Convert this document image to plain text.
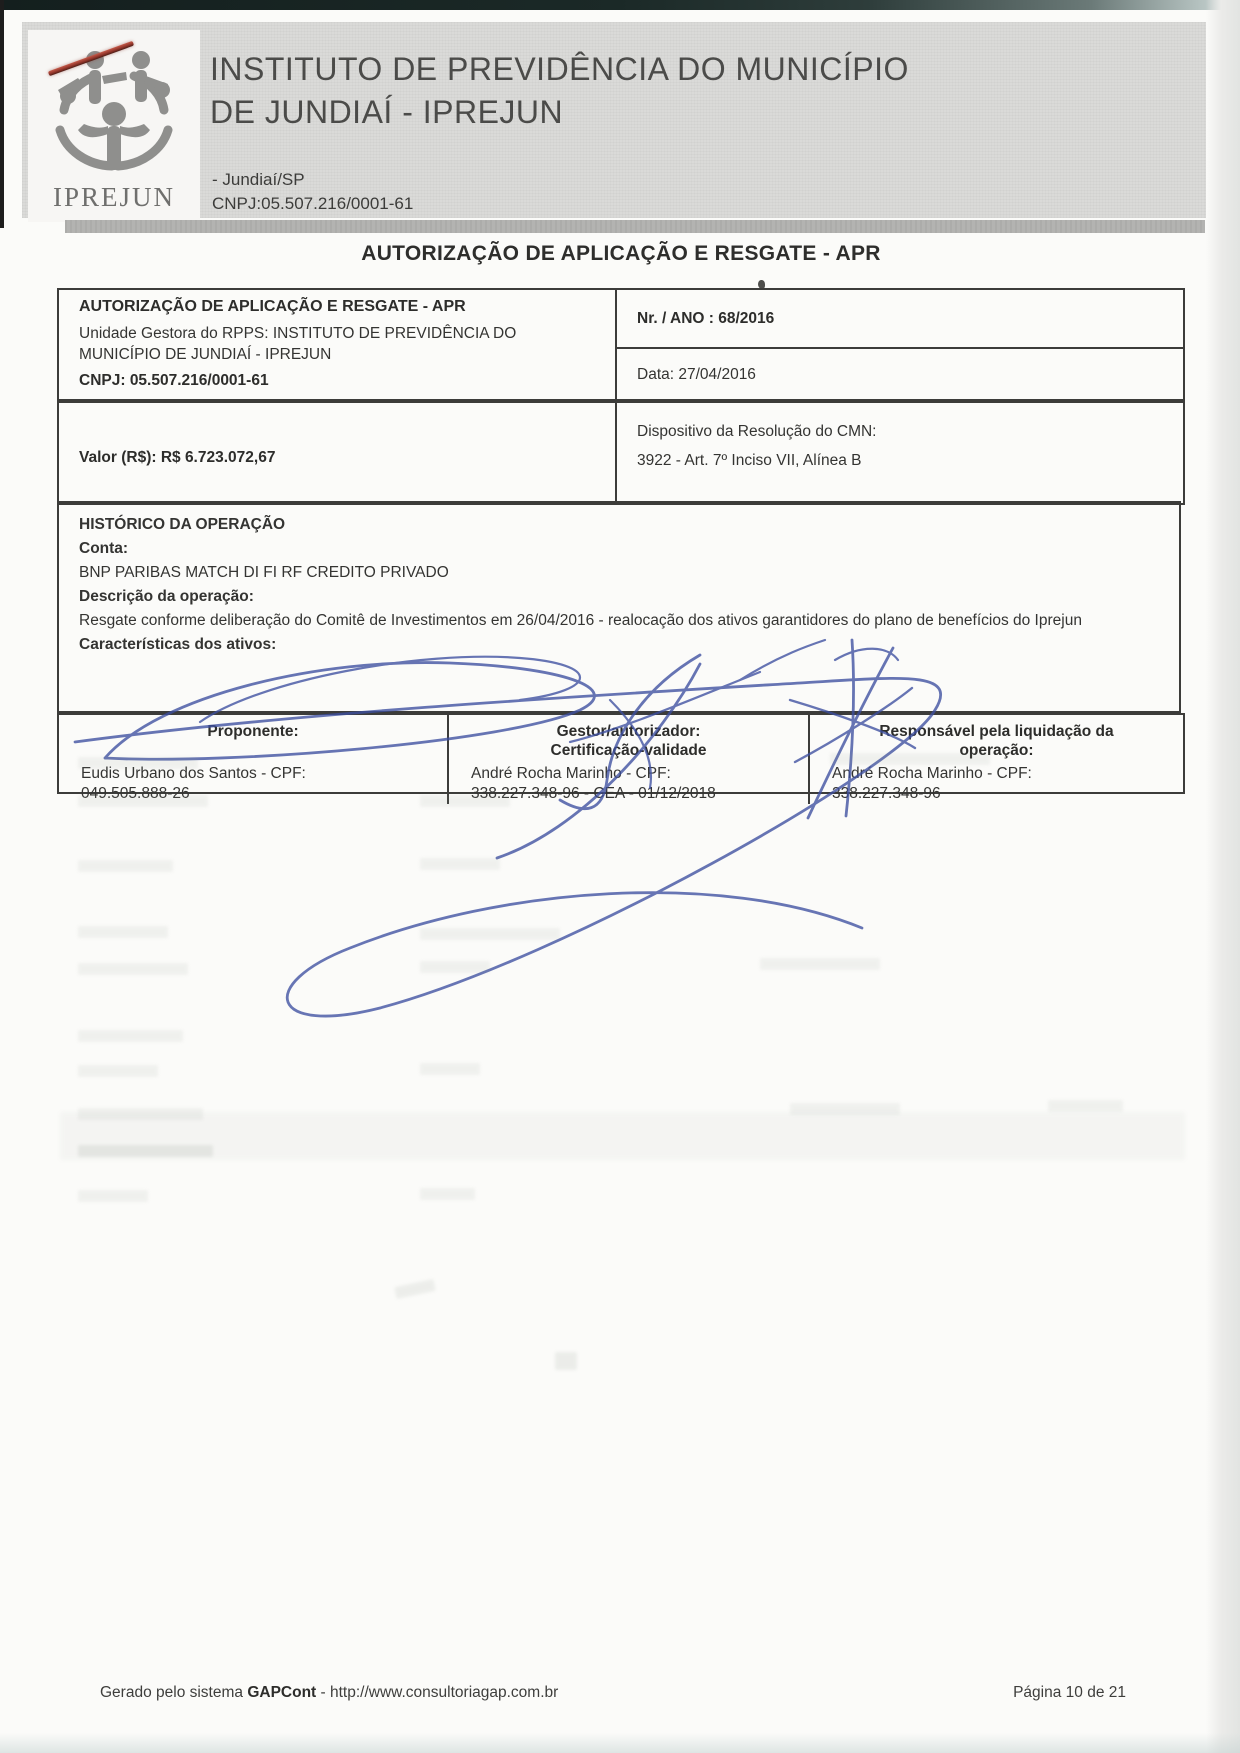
IPREJUN
INSTITUTO DE PREVIDÊNCIA DO MUNICÍPIO
DE JUNDIAÍ - IPREJUN
- Jundiaí/SP
CNPJ:05.507.216/0001-61
AUTORIZAÇÃO DE APLICAÇÃO E RESGATE - APR
AUTORIZAÇÃO DE APLICAÇÃO E RESGATE - APR
Unidade Gestora do RPPS: INSTITUTO DE PREVIDÊNCIA DO MUNICÍPIO DE JUNDIAÍ - IPREJUN
CNPJ: 05.507.216/0001-61
Nr. / ANO : 68/2016
Data: 27/04/2016
Valor (R$): R$ 6.723.072,67
Dispositivo da Resolução do CMN:
3922 - Art. 7º Inciso VII, Alínea B
HISTÓRICO DA OPERAÇÃO
Conta:
BNP PARIBAS MATCH DI FI RF CREDITO PRIVADO
Descrição da operação:
Resgate conforme deliberação do Comitê de Investimentos em 26/04/2016 - realocação dos ativos garantidores do plano de benefícios do Iprejun
Características dos ativos:
Proponente:

Eudis Urbano dos Santos - CPF:
049.505.888-26
Gestor/autorizador:
Certificação-validade
André Rocha Marinho - CPF:
338.227.348-96 - CEA - 01/12/2018
Responsável pela liquidação da
operação:
André Rocha Marinho - CPF:
338.227.348-96
Gerado pelo sistema GAPCont - http://www.consultoriagap.com.br	Página 10 de 21
